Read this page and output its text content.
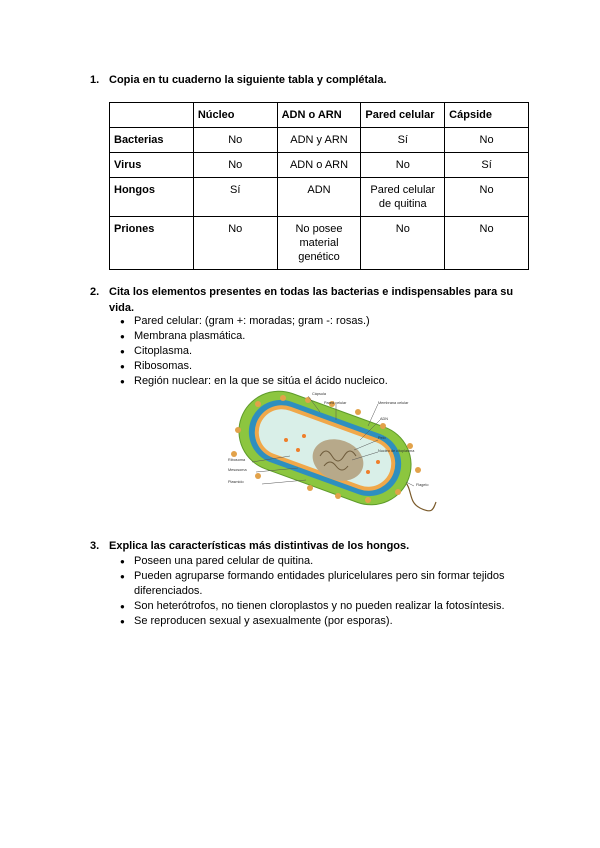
1. Copia en tu cuaderno la siguiente tabla y complétala.
	Núcleo	ADN o ARN	Pared celular	Cápside
Bacterias	No	ADN y ARN	Sí	No
Virus	No	ADN o ARN	No	Sí
Hongos	Sí	ADN	Pared celular de quitina	No
Priones	No	No posee material genético	No	No
2. Cita los elementos presentes en todas las bacterias e indispensables para su vida.
● Pared celular: (gram +: moradas; gram -: rosas.)
● Membrana plasmática.
● Citoplasma.
● Ribosomas.
● Región nuclear: en la que se sitúa el ácido nucleico.
Cápsula
Pared celular	Membrana celular
ADN
Pelo
Nucleo de citoplasma
Ribosoma
Mesosoma
Plasmido
Flagelo
3. Explica las características más distintivas de los hongos.
● Poseen una pared celular de quitina.
● Pueden agruparse formando entidades pluricelulares pero sin formar tejidos diferenciados.
● Son heterótrofos, no tienen cloroplastos y no pueden realizar la fotosíntesis.
● Se reproducen sexual y asexualmente (por esporas).
